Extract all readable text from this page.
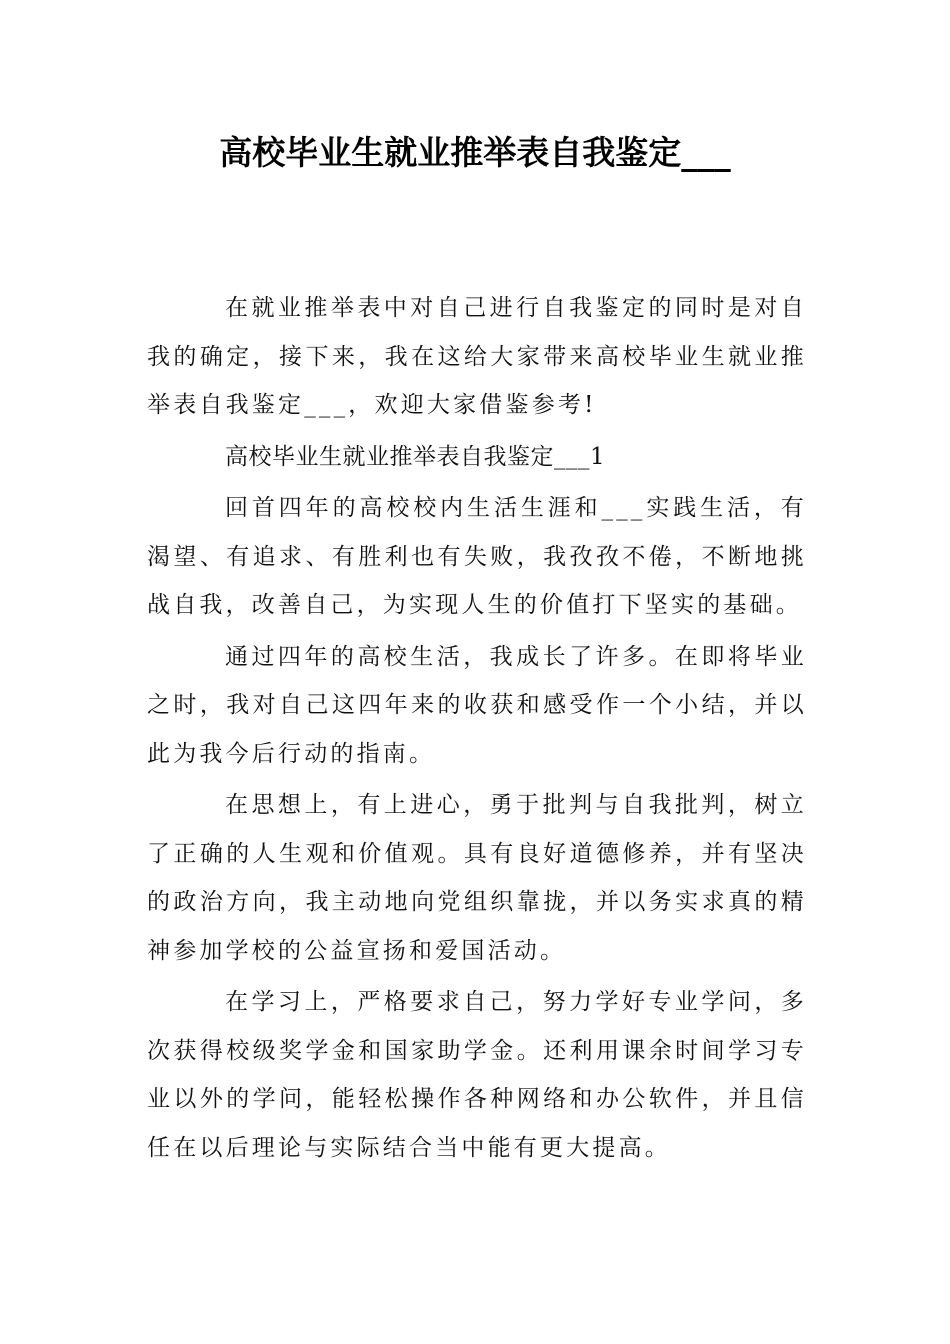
高校毕业生就业推举表自我鉴定___

在就业推举表中对自己进行自我鉴定的同时是对自我的确定，接下来，我在这给大家带来高校毕业生就业推举表自我鉴定___，欢迎大家借鉴参考!

高校毕业生就业推举表自我鉴定___1

回首四年的高校校内生活生涯和___实践生活，有渴望、有追求、有胜利也有失败，我孜孜不倦，不断地挑战自我，改善自己，为实现人生的价值打下坚实的基础。

通过四年的高校生活，我成长了许多。在即将毕业之时，我对自己这四年来的收获和感受作一个小结，并以此为我今后行动的指南。

在思想上，有上进心，勇于批判与自我批判，树立了正确的人生观和价值观。具有良好道德修养，并有坚决的政治方向，我主动地向党组织靠拢，并以务实求真的精神参加学校的公益宣扬和爱国活动。

在学习上，严格要求自己，努力学好专业学问，多次获得校级奖学金和国家助学金。还利用课余时间学习专业以外的学问，能轻松操作各种网络和办公软件，并且信任在以后理论与实际结合当中能有更大提高。
